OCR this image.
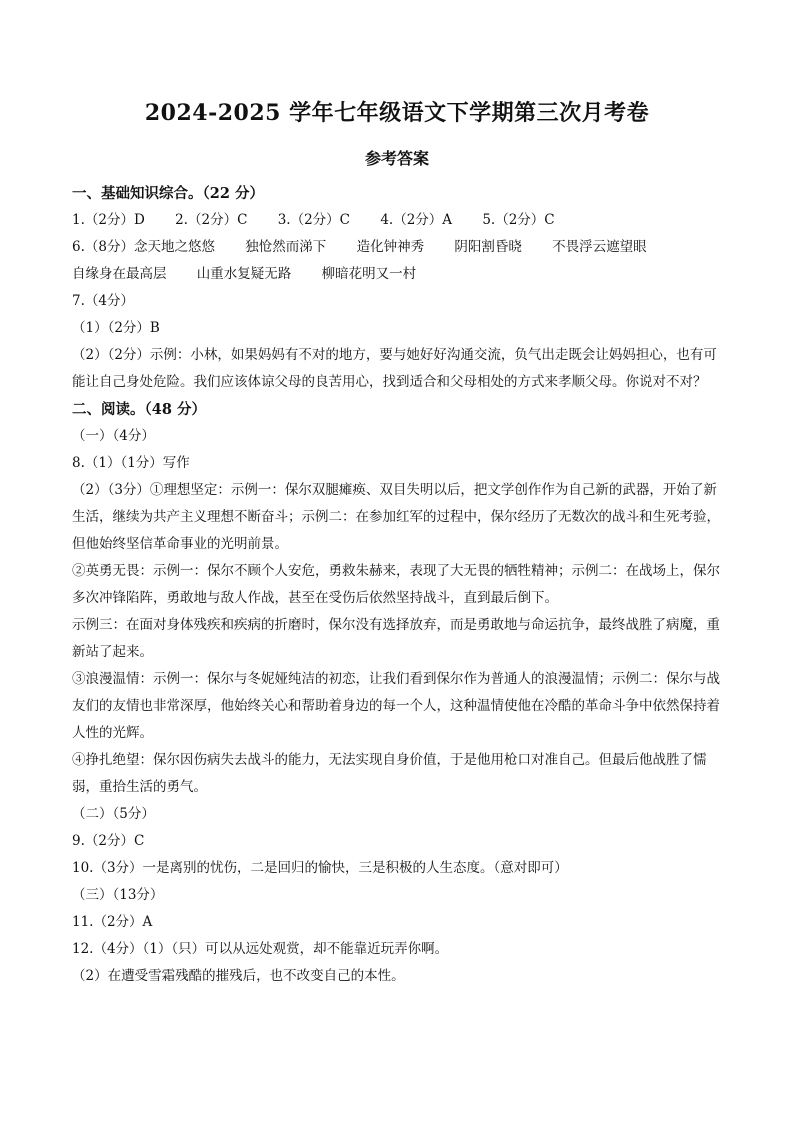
2024-2025 学年七年级语文下学期第三次月考卷
参考答案
一、基础知识综合。（22 分）
1.（2分）D 2.（2分）C 3.（2分）C 4.（2分）A 5.（2分）C
6.（8分）念天地之悠悠 独怆然而涕下 造化钟神秀 阴阳割昏晓 不畏浮云遮望眼
自缘身在最高层 山重水复疑无路 柳暗花明又一村
7.（4分）
（1）（2分）B
（2）（2分）示例：小林，如果妈妈有不对的地方，要与她好好沟通交流，负气出走既会让妈妈担心，也有可能让自己身处危险。我们应该体谅父母的良苦用心，找到适合和父母相处的方式来孝顺父母。你说对不对？
二、阅读。（48 分）
（一）（4分）
8.（1）（1分）写作
（2）（3分）①理想坚定：示例一：保尔双腿瘫痪、双目失明以后，把文学创作作为自己新的武器，开始了新生活，继续为共产主义理想不断奋斗；示例二：在参加红军的过程中，保尔经历了无数次的战斗和生死考验，但他始终坚信革命事业的光明前景。
②英勇无畏：示例一：保尔不顾个人安危，勇救朱赫来，表现了大无畏的牺牲精神；示例二：在战场上，保尔多次冲锋陷阵，勇敢地与敌人作战，甚至在受伤后依然坚持战斗，直到最后倒下。
示例三：在面对身体残疾和疾病的折磨时，保尔没有选择放弃，而是勇敢地与命运抗争，最终战胜了病魔，重新站了起来。
③浪漫温情：示例一：保尔与冬妮娅纯洁的初恋，让我们看到保尔作为普通人的浪漫温情；示例二：保尔与战友们的友情也非常深厚，他始终关心和帮助着身边的每一个人，这种温情使他在冷酷的革命斗争中依然保持着人性的光辉。
④挣扎绝望：保尔因伤病失去战斗的能力，无法实现自身价值，于是他用枪口对准自己。但最后他战胜了懦弱，重拾生活的勇气。
（二）（5分）
9.（2分）C
10.（3分）一是离别的忧伤，二是回归的愉快，三是积极的人生态度。（意对即可）
（三）（13分）
11.（2分）A
12.（4分）（1）（只）可以从远处观赏，却不能靠近玩弄你啊。
（2）在遭受雪霜残酷的摧残后，也不改变自己的本性。
